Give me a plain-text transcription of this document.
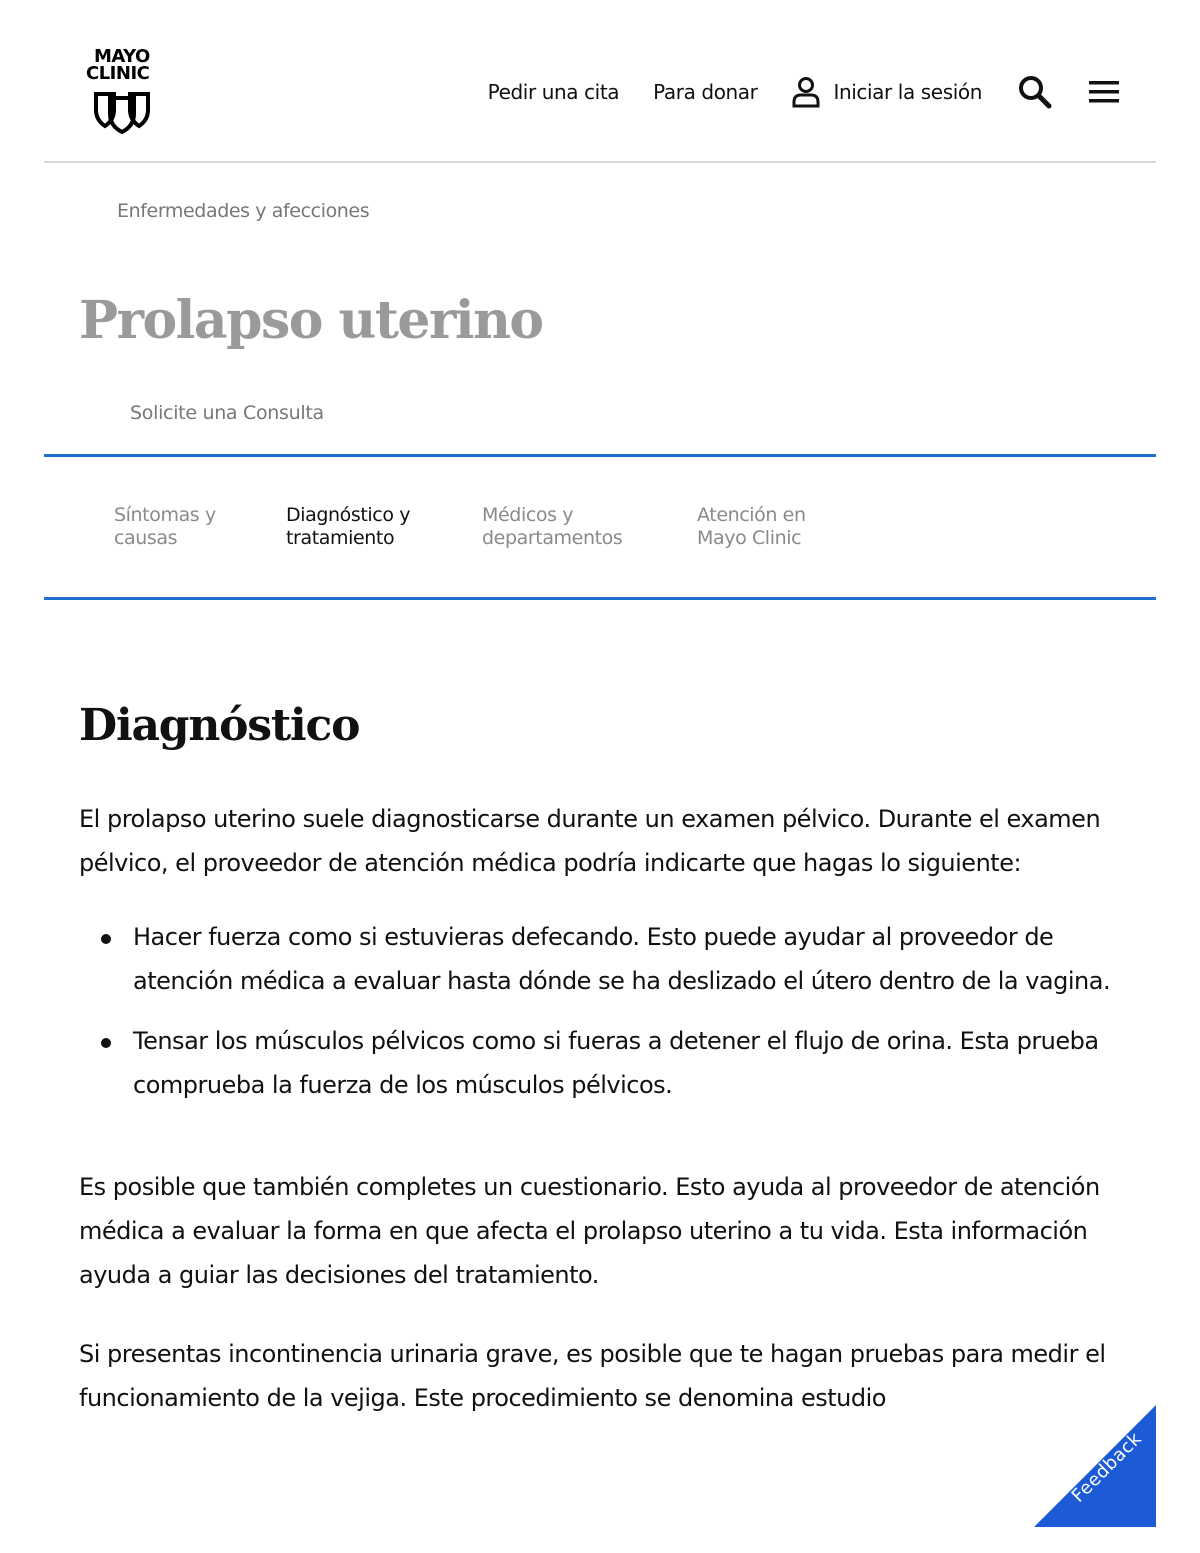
MAYO
CLINIC
Pedir una cita Para donar	Iniciar la sesión
Enfermedades y afecciones
Prolapso uterino
Solicite una Consulta
Síntomas y
causas
Diagnóstico y
tratamiento
Médicos y
departamentos
Atención en
Mayo Clinic
Diagnóstico

El prolapso uterino suele diagnosticarse durante un examen pélvico. Durante el examen pélvico, el proveedor de atención médica podría indicarte que hagas lo siguiente:

Hacer fuerza como si estuvieras defecando. Esto puede ayudar al proveedor de atención médica a evaluar hasta dónde se ha deslizado el útero dentro de la vagina.
Tensar los músculos pélvicos como si fueras a detener el flujo de orina. Esta prueba comprueba la fuerza de los músculos pélvicos.

Es posible que también completes un cuestionario. Esto ayuda al proveedor de atención médica a evaluar la forma en que afecta el prolapso uterino a tu vida. Esta información ayuda a guiar las decisiones del tratamiento.

Si presentas incontinencia urinaria grave, es posible que te hagan pruebas para medir el funcionamiento de la vejiga. Este procedimiento se denomina estudio

Feedback
